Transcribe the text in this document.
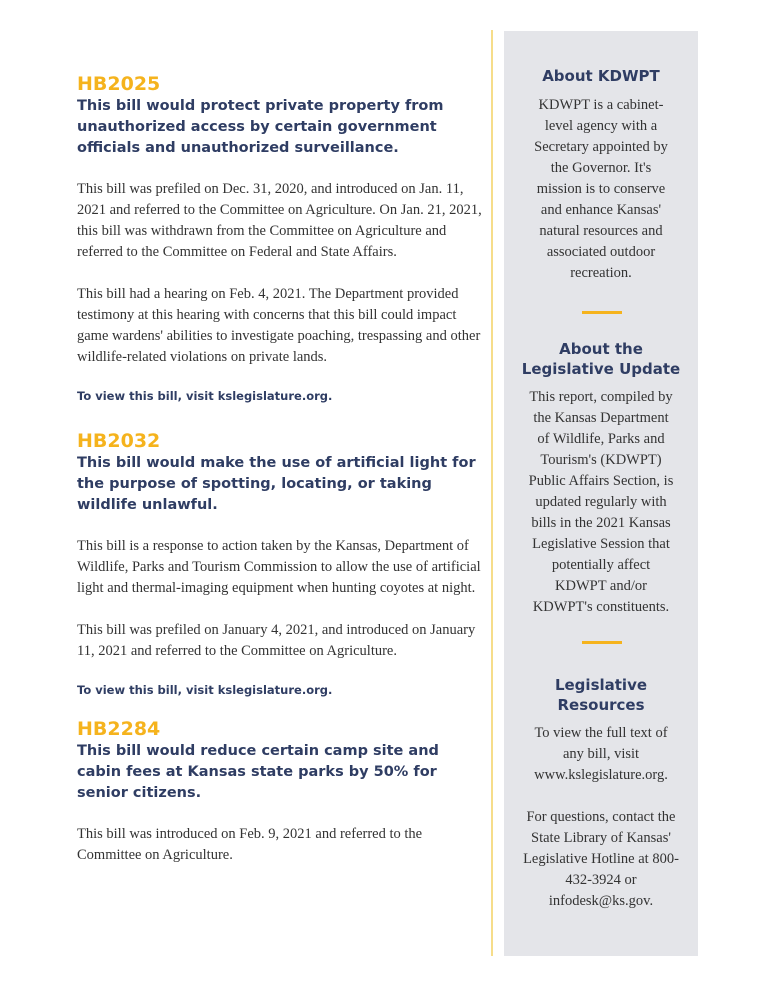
HB2025
This bill would protect private property from unauthorized access by certain government officials and unauthorized surveillance.

This bill was prefiled on Dec. 31, 2020, and introduced on Jan. 11, 2021 and referred to the Committee on Agriculture. On Jan. 21, 2021, this bill was withdrawn from the Committee on Agriculture and referred to the Committee on Federal and State Affairs.

This bill had a hearing on Feb. 4, 2021. The Department provided testimony at this hearing with concerns that this bill could impact game wardens' abilities to investigate poaching, trespassing and other wildlife-related violations on private lands.

To view this bill, visit kslegislature.org.

HB2032
This bill would make the use of artificial light for the purpose of spotting, locating, or taking wildlife unlawful.

This bill is a response to action taken by the Kansas, Department of Wildlife, Parks and Tourism Commission to allow the use of artificial light and thermal-imaging equipment when hunting coyotes at night.

This bill was prefiled on January 4, 2021, and introduced on January 11, 2021 and referred to the Committee on Agriculture.

To view this bill, visit kslegislature.org.

HB2284
This bill would reduce certain camp site and cabin fees at Kansas state parks by 50% for senior citizens.

This bill was introduced on Feb. 9, 2021 and referred to the Committee on Agriculture.

About KDWPT

KDWPT is a cabinet-level agency with a Secretary appointed by the Governor. It's mission is to conserve and enhance Kansas' natural resources and associated outdoor recreation.

About the Legislative Update

This report, compiled by the Kansas Department of Wildlife, Parks and Tourism's (KDWPT) Public Affairs Section, is updated regularly with bills in the 2021 Kansas Legislative Session that potentially affect KDWPT and/or KDWPT's constituents.

Legislative Resources

To view the full text of any bill, visit www.kslegislature.org.

For questions, contact the State Library of Kansas' Legislative Hotline at 800-432-3924 or infodesk@ks.gov.
